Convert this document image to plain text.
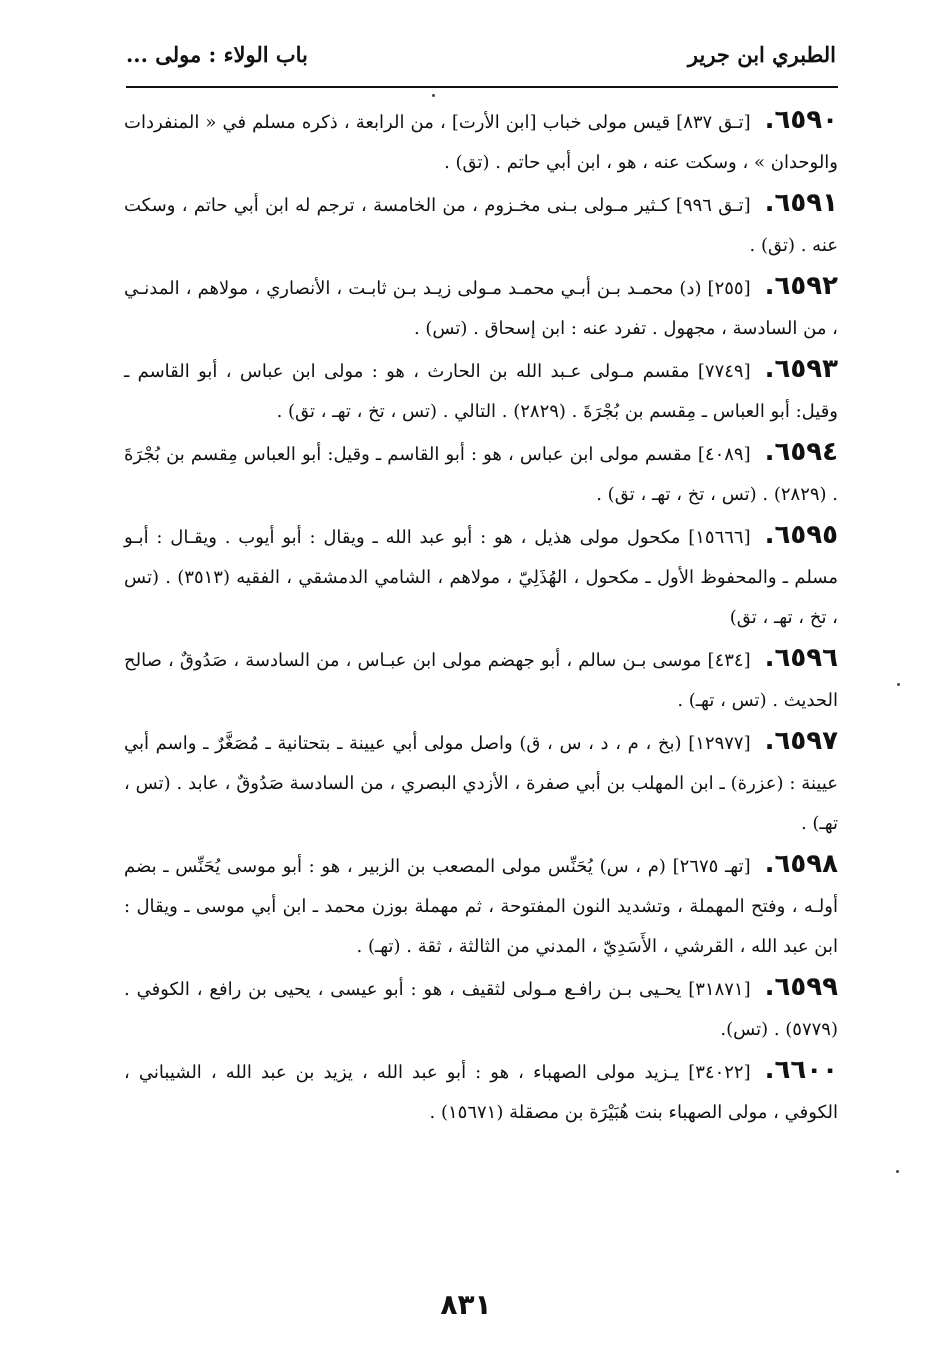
الطبري ابن جرير
باب الولاء : مولى ...

٦٥٩٠.[تـق ٨٣٧] قيس مولى خباب [ابن الأرت] ، من الرابعة ، ذكره مسلم في « المنفردات والوحدان » ، وسكت عنه ، هو ، ابن أبي حاتم . (تق) .

٦٥٩١.[تـق ٩٩٦] كـثير مـولى بـنى مخـزوم ، من الخامسة ، ترجم له ابن أبي حاتم ، وسكت عنه . (تق) .

٦٥٩٢.[٢٥٥] (د) محمـد بـن أبـي محمـد مـولى زيـد بـن ثابـت ، الأنصاري ، مولاهم ، المدنـي ، من السادسة ، مجهول . تفرد عنه : ابن إسحاق . (تس) .

٦٥٩٣.[٧٧٤٩] مقسم مـولى عـبد الله بن الحارث ، هو : مولى ابن عباس ، أبو القاسم ـ وقيل: أبو العباس ـ مِقسم بن بُجْرَةَ . (٢٨٢٩) . التالي . (تس ، تخ ، تهـ ، تق) .

٦٥٩٤.[٤٠٨٩] مقسم مولى ابن عباس ، هو : أبو القاسم ـ وقيل: أبو العباس مِقسم بن بُجْرَةَ . (٢٨٢٩) . (تس ، تخ ، تهـ ، تق) .

٦٥٩٥.[١٥٦٦٦] مكحول مولى هذيل ، هو : أبو عبد الله ـ ويقال : أبو أيوب . ويقـال : أبـو مسلم ـ والمحفوظ الأول ـ مكحول ، الهُذَلِيّ ، مولاهم ، الشامي الدمشقي ، الفقيه (٣٥١٣) . (تس ، تخ ، تهـ ، تق)

٦٥٩٦.[٤٣٤] موسى بـن سالم ، أبو جهضم مولى ابن عبـاس ، من السادسة ، صَدُوقٌ ، صالح الحديث . (تس ، تهـ) .

٦٥٩٧.[١٢٩٧٧] (بخ ، م ، د ، س ، ق) واصل مولى أبي عيينة ـ بتحتانية ـ مُصَغَّرٌ ـ واسم أبي عيينة : (عزرة) ـ ابن المهلب بن أبي صفرة ، الأزدي البصري ، من السادسة صَدُوقٌ ، عابد . (تس ، تهـ) .

٦٥٩٨.[تهـ ٢٦٧٥] (م ، س) يُحَنِّس مولى المصعب بن الزبير ، هو : أبو موسى يُحَنِّس ـ بضم أولـه ، وفتح المهملة ، وتشديد النون المفتوحة ، ثم مهملة بوزن محمد ـ ابن أبي موسى ـ ويقال : ابن عبد الله ، القرشي ، الأَسَدِيّ ، المدني من الثالثة ، ثقة . (تهـ) .

٦٥٩٩.[٣١٨٧١] يحـيى بـن رافـع مـولى لثقيف ، هو : أبو عيسى ، يحيى بن رافع ، الكوفي . (٥٧٧٩) . (تس).

٦٦٠٠.[٣٤٠٢٢] يـزيد مولى الصهباء ، هو : أبو عبد الله ، يزيد بن عبد الله ، الشيباني ، الكوفي ، مولى الصهباء بنت هُبَيْرَة بن مصقلة (١٥٦٧١) .

٨٣١
